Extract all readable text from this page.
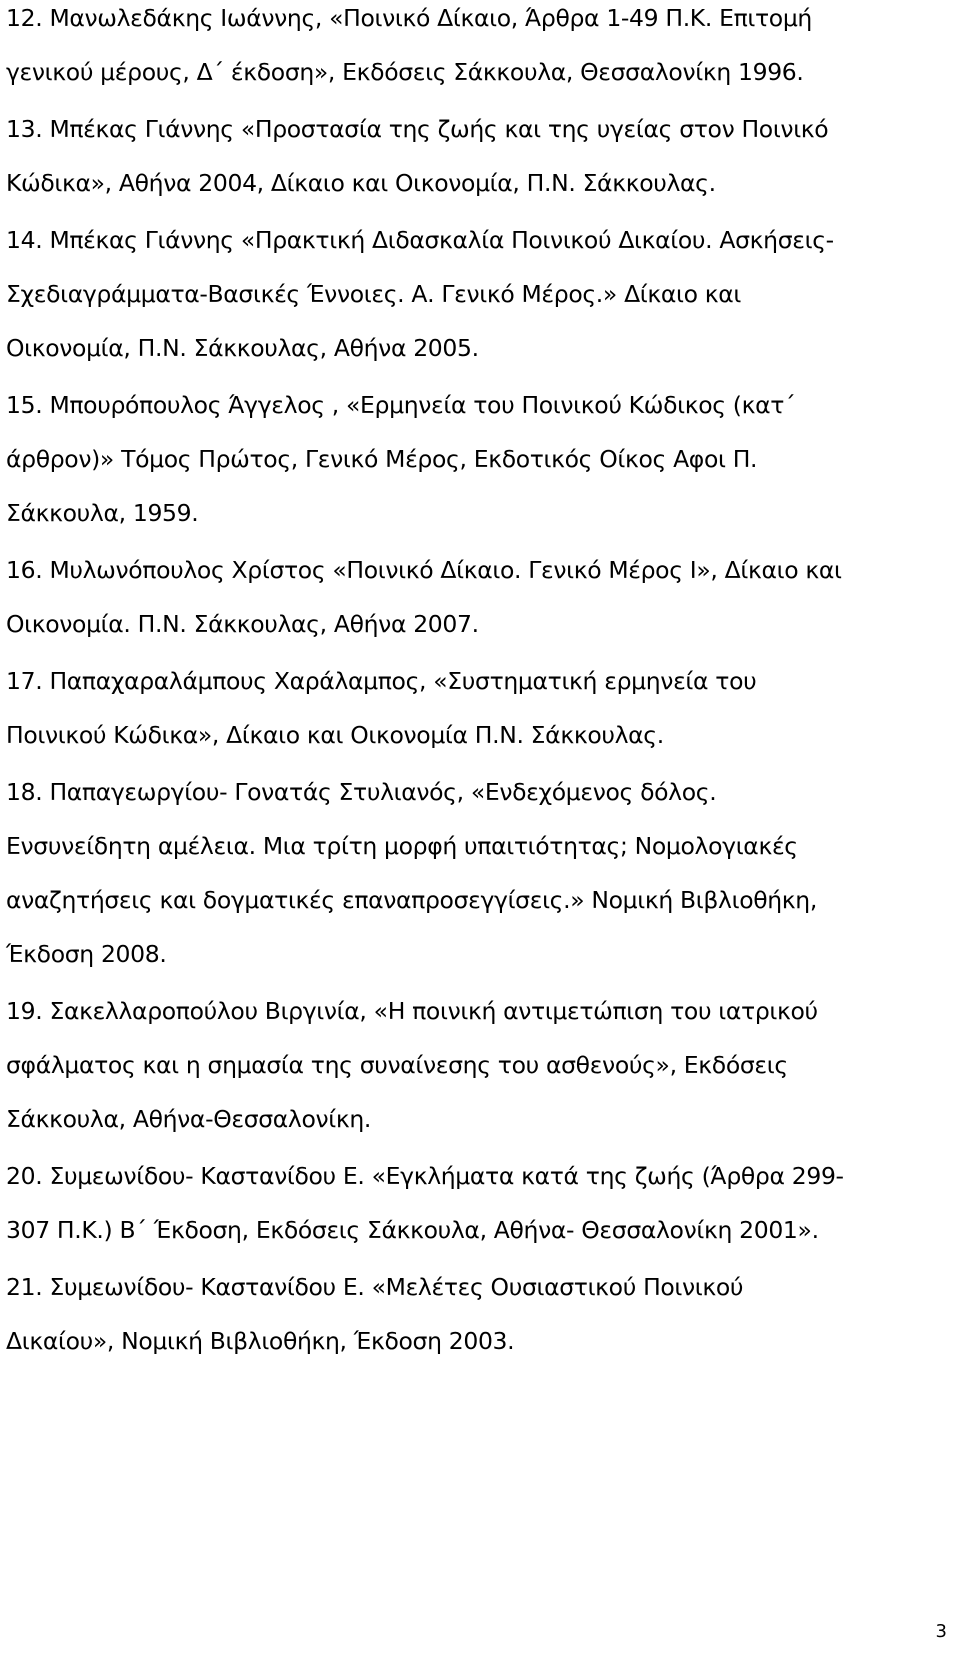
12. Μανωλεδάκης Ιωάννης, «Ποινικό Δίκαιο, Άρθρα 1-49 Π.Κ. Επιτομή
γενικού μέρους, Δ΄ έκδοση», Εκδόσεις Σάκκουλα, Θεσσαλονίκη 1996.
13. Μπέκας Γιάννης «Προστασία της ζωής και της υγείας στον Ποινικό
Κώδικα», Αθήνα 2004, Δίκαιο και Οικονομία, Π.Ν. Σάκκουλας.
14. Μπέκας Γιάννης «Πρακτική Διδασκαλία Ποινικού Δικαίου. Ασκήσεις-
Σχεδιαγράμματα-Βασικές Έννοιες. Α. Γενικό Μέρος.» Δίκαιο και
Οικονομία, Π.Ν. Σάκκουλας, Αθήνα 2005.
15. Μπουρόπουλος Άγγελος , «Ερμηνεία του Ποινικού Κώδικος (κατ΄
άρθρον)» Τόμος Πρώτος, Γενικό Μέρος, Εκδοτικός Οίκος Αφοι Π.
Σάκκουλα, 1959.
16. Μυλωνόπουλος Χρίστος «Ποινικό Δίκαιο. Γενικό Μέρος Ι», Δίκαιο και
Οικονομία. Π.Ν. Σάκκουλας, Αθήνα 2007.
17. Παπαχαραλάμπους Χαράλαμπος, «Συστηματική ερμηνεία του
Ποινικού Κώδικα», Δίκαιο και Οικονομία Π.Ν. Σάκκουλας.
18. Παπαγεωργίου- Γονατάς Στυλιανός, «Ενδεχόμενος δόλος.
Ενσυνείδητη αμέλεια. Μια τρίτη μορφή υπαιτιότητας; Νομολογιακές
αναζητήσεις και δογματικές επαναπροσεγγίσεις.» Νομική Βιβλιοθήκη,
Έκδοση 2008.
19. Σακελλαροπούλου Βιργινία, «Η ποινική αντιμετώπιση του ιατρικού
σφάλματος και η σημασία της συναίνεσης του ασθενούς», Εκδόσεις
Σάκκουλα, Αθήνα-Θεσσαλονίκη.
20. Συμεωνίδου- Καστανίδου Ε. «Εγκλήματα κατά της ζωής (Άρθρα 299-
307 Π.Κ.) Β΄ Έκδοση, Εκδόσεις Σάκκουλα, Αθήνα- Θεσσαλονίκη 2001».
21. Συμεωνίδου- Καστανίδου Ε. «Μελέτες Ουσιαστικού Ποινικού
Δικαίου», Νομική Βιβλιοθήκη, Έκδοση 2003.
3
